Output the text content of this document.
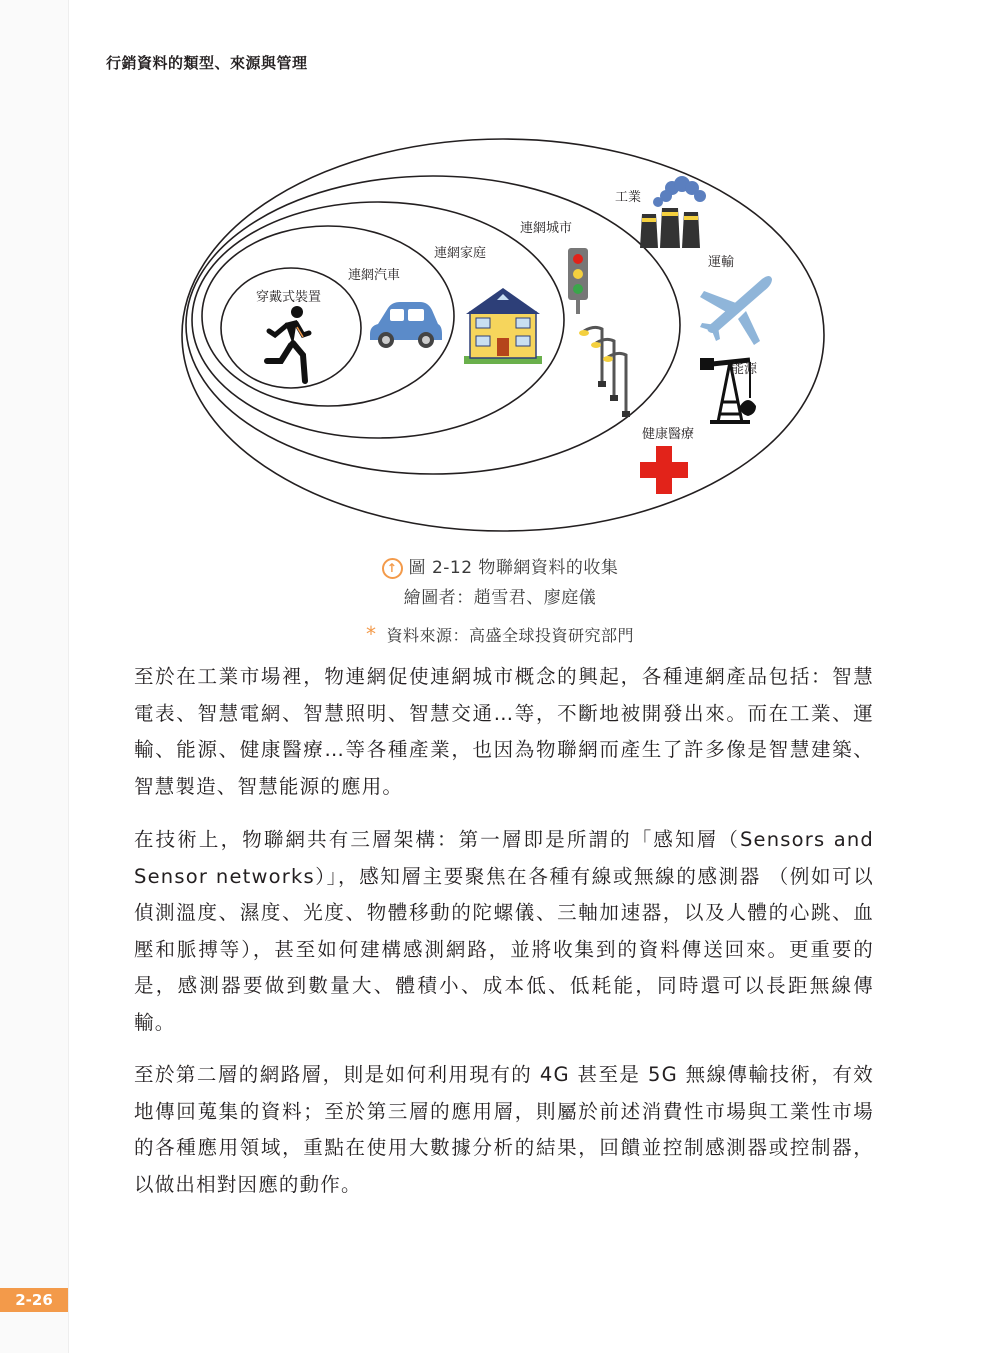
行銷資料的類型、來源與管理
穿戴式裝置
連網汽車
連網家庭
連網城市
工業
運輸
能源
健康醫療
↑ 圖 2-12 物聯網資料的收集
繪圖者：趙雪君、廖庭儀
* 資料來源：高盛全球投資研究部門

至於在工業市場裡，物連網促使連網城市概念的興起，各種連網產品包括：智慧電表、智慧電網、智慧照明、智慧交通…等，不斷地被開發出來。而在工業、運輸、能源、健康醫療…等各種產業，也因為物聯網而產生了許多像是智慧建築、智慧製造、智慧能源的應用。

在技術上，物聯網共有三層架構：第一層即是所謂的「感知層（Sensors and Sensor networks）」，感知層主要聚焦在各種有線或無線的感測器 （例如可以偵測溫度、濕度、光度、物體移動的陀螺儀、三軸加速器，以及人體的心跳、血壓和脈搏等），甚至如何建構感測網路，並將收集到的資料傳送回來。更重要的是，感測器要做到數量大、體積小、成本低、低耗能，同時還可以長距無線傳輸。

至於第二層的網路層，則是如何利用現有的 4G 甚至是 5G 無線傳輸技術，有效地傳回蒐集的資料；至於第三層的應用層，則屬於前述消費性市場與工業性市場的各種應用領域，重點在使用大數據分析的結果，回饋並控制感測器或控制器，以做出相對因應的動作。

2-26
